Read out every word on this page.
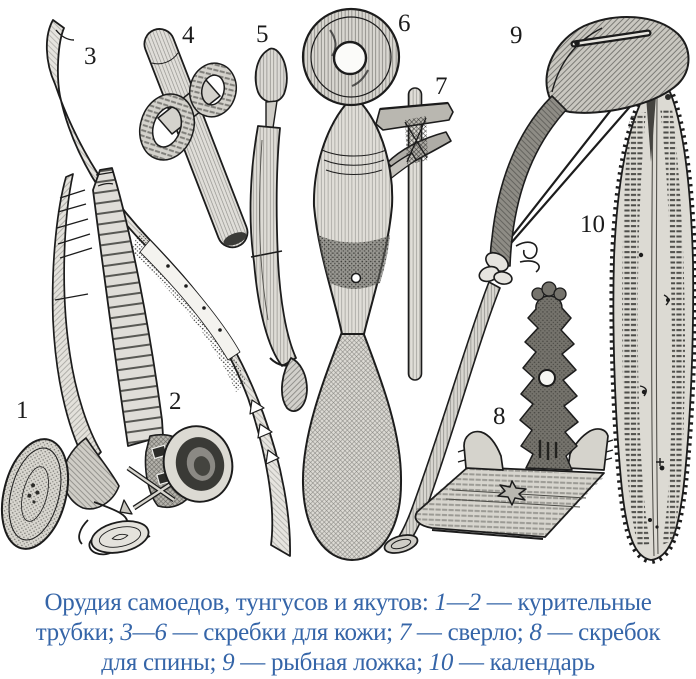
1	2
3
4 5	6
7
8
9
10
Орудия самоедов, тунгусов и якутов: 1—2 — курительные
трубки; 3—6 — скребки для кожи; 7 — сверло; 8 — скребок
для спины; 9 — рыбная ложка; 10 — календарь
